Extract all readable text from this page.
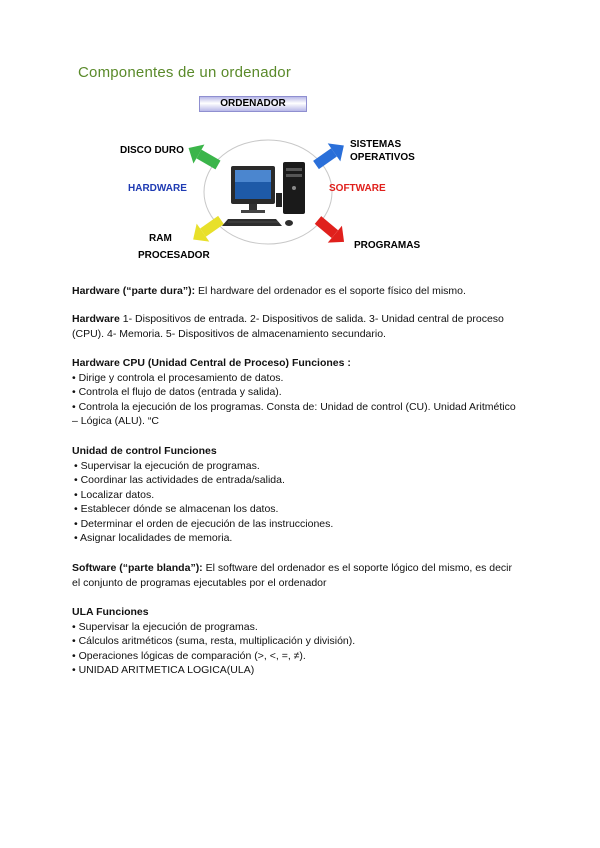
Componentes de un ordenador
ORDENADOR
DISCO DURO
HARDWARE
RAM
PROCESADOR
SISTEMAS
OPERATIVOS
SOFTWARE
PROGRAMAS

Hardware (“parte dura”): El hardware del ordenador es el soporte físico del mismo.

Hardware 1- Dispositivos de entrada. 2- Dispositivos de salida. 3- Unidad central de proceso (CPU). 4- Memoria. 5- Dispositivos de almacenamiento secundario.

Hardware CPU (Unidad Central de Proceso) Funciones :

• Dirige y controla el procesamiento de datos.
• Controla el flujo de datos (entrada y salida).
• Controla la ejecución de los programas. Consta de: Unidad de control (CU). Unidad Aritmético – Lógica (ALU). “C

Unidad de control Funciones

• Supervisar la ejecución de programas.
• Coordinar las actividades de entrada/salida.
• Localizar datos.
• Establecer dónde se almacenan los datos.
• Determinar el orden de ejecución de las instrucciones.
• Asignar localidades de memoria.

Software (“parte blanda”): El software del ordenador es el soporte lógico del mismo, es decir el conjunto de programas ejecutables por el ordenador

ULA Funciones

• Supervisar la ejecución de programas.
• Cálculos aritméticos (suma, resta, multiplicación y división).
• Operaciones lógicas de comparación (>, <, =, ≠).
• UNIDAD ARITMETICA LOGICA(ULA)
